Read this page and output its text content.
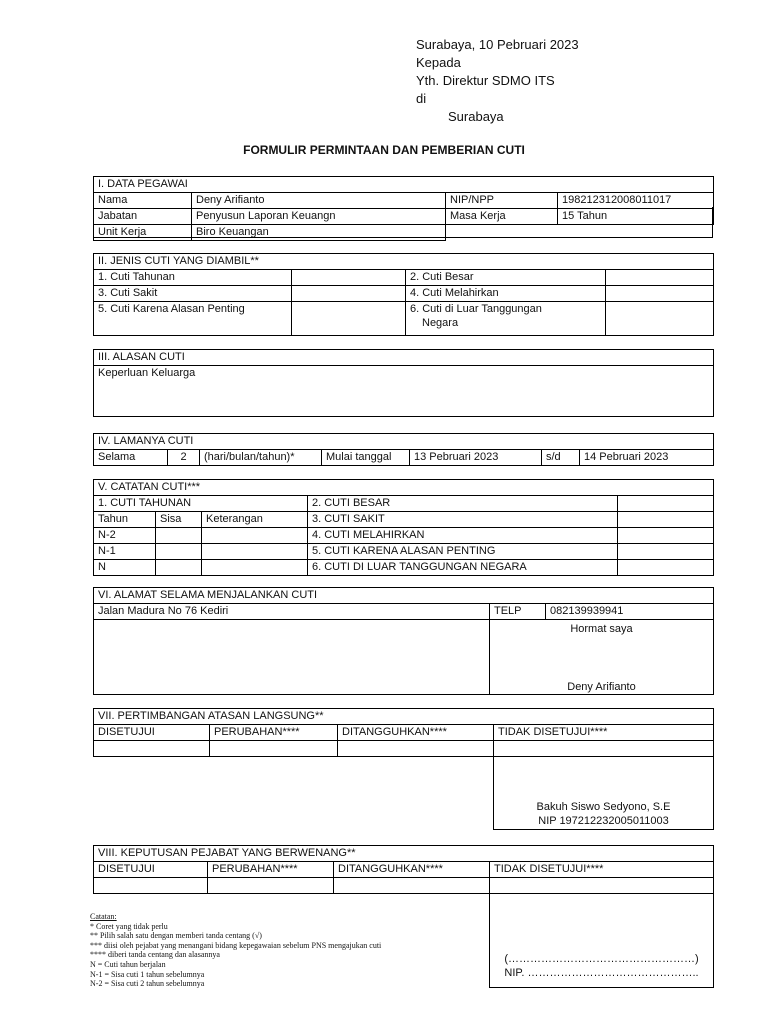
Surabaya, 10 Pebruari 2023
Kepada
Yth. Direktur SDMO ITS
di
Surabaya
FORMULIR PERMINTAAN DAN PEMBERIAN CUTI
I. DATA PEGAWAI			
Nama	Deny Arifianto	NIP/NPP	198212312008011017
Jabatan	Penyusun Laporan Keuangn	Masa Kerja	15 Tahun
Unit Kerja	Biro Keuangan		
II. JENIS CUTI YANG DIAMBIL**			
1. Cuti Tahunan		2. Cuti Besar	
3. Cuti Sakit		4. Cuti Melahirkan	
5. Cuti Karena Alasan Penting		6. Cuti di Luar Tanggungan
Negara	

III. ALASAN CUTI
Keperluan Keluarga
IV. LAMANYA CUTI
Selama	2	(hari/bulan/tahun)*	Mulai tanggal	13 Pebruari 2023	s/d	14 Pebruari 2023
V. CATATAN CUTI***				
1. CUTI TAHUNAN			2. CUTI BESAR	
Tahun	Sisa	Keterangan	3. CUTI SAKIT	
N-2			4. CUTI MELAHIRKAN	
N-1			5. CUTI KARENA ALASAN PENTING	
N			6. CUTI DI LUAR TANGGUNGAN NEGARA	
VI. ALAMAT SELAMA MENJALANKAN CUTI		
Jalan Madura No 76 Kediri	TELP	082139939941

	Hormat saya
Deny Arifianto	
VII. PERTIMBANGAN ATASAN LANGSUNG**			
DISETUJUI	PERUBAHAN****	DITANGGUHKAN****	TIDAK DISETUJUI****

			Bakuh Siswo Sedyono, S.E
NIP 197212232005011003
VIII. KEPUTUSAN PEJABAT YANG BERWENANG**			
DISETUJUI	PERUBAHAN****	DITANGGUHKAN****	TIDAK DISETUJUI****

			(……………………………………………)
NIP. ………………………………………..
Catatan:
* Coret yang tidak perlu
** Pilih salah satu dengan memberi tanda centang (√)
*** diisi oleh pejabat yang menangani bidang kepegawaian sebelum PNS mengajukan cuti
**** diberi tanda centang dan alasannya
N = Cuti tahun berjalan
N-1 = Sisa cuti 1 tahun sebelumnya
N-2 = Sisa cuti 2 tahun sebelumnya
